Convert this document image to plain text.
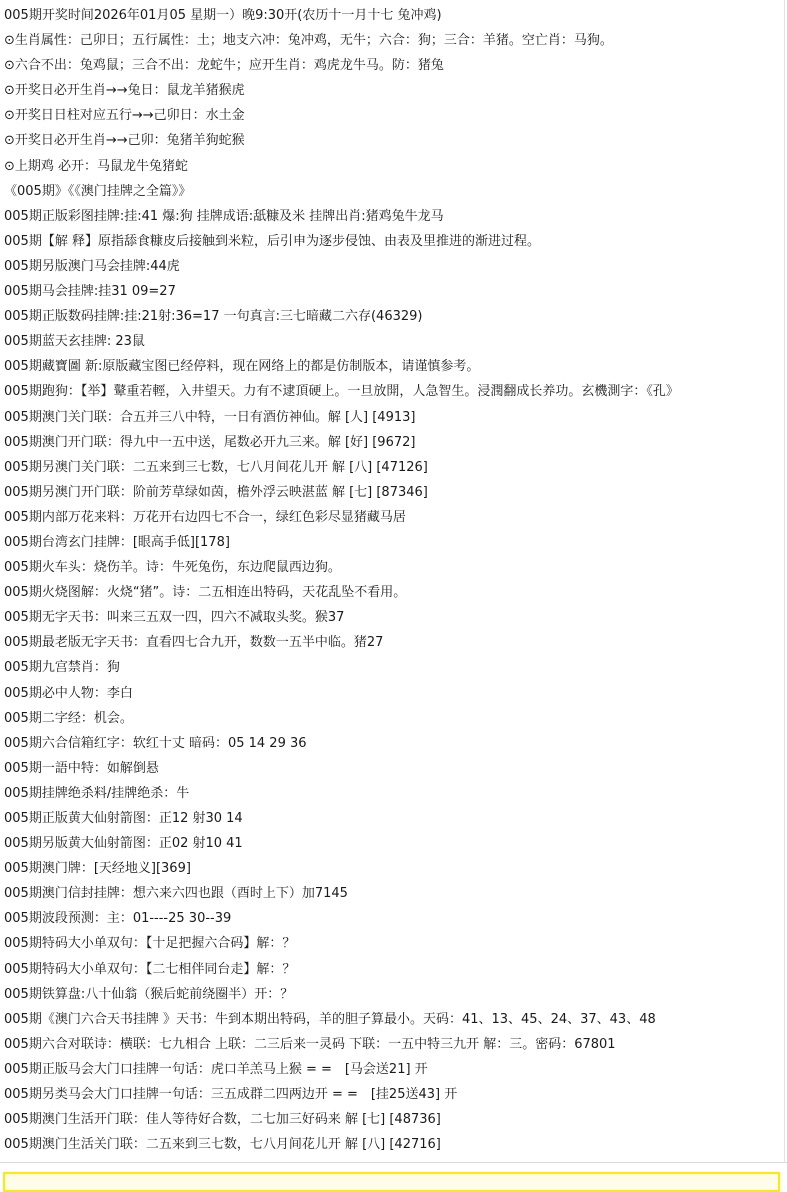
005期开奖时间2026年01月05 星期一）晚9:30开(农历十一月十七 兔冲鸡)
⊙生肖属性：己卯日；五行属性：土；地支六冲：兔冲鸡，无牛；六合：狗；三合：羊猪。空亡肖：马狗。
⊙六合不出：兔鸡鼠；三合不出：龙蛇牛；应开生肖：鸡虎龙牛马。防：猪兔
⊙开奖日必开生肖→→兔日：鼠龙羊猪猴虎
⊙开奖日日柱对应五行→→己卯日：水土金
⊙开奖日必开生肖→→己卯：兔猪羊狗蛇猴
⊙上期鸡 必开：马鼠龙牛兔猪蛇
《005期》《《澳门挂牌之全篇》》
005期正版彩图挂牌:挂:41 爆:狗 挂牌成语:舐糠及米 挂牌出肖:猪鸡兔牛龙马
005期【解 释】原指舔食糠皮后接触到米粒，后引申为逐步侵蚀、由表及里推进的渐进过程。
005期另版澳门马会挂牌:44虎
005期马会挂牌:挂31 09=27
005期正版数码挂牌:挂:21射:36=17 一句真言:三七暗藏二六存(46329)
005期蓝天玄挂牌: 23鼠
005期藏寶圖 新:原版藏宝图已经停料，现在网络上的都是仿制版本，请谨慎参考。
005期跑狗：【举】鼙重若輕，入井望天。力有不逮頂硬上。一旦放開，人急智生。浸潤翻成长养功。玄機測字：《孔》
005期澳门关门联：合五并三八中特，一日有酒仿神仙。解 [人] [4913]
005期澳门开门联：得九中一五中送，尾数必开九三来。解 [好] [9672]
005期另澳门关门联：二五来到三七数，七八月间花儿开 解 [八] [47126]
005期另澳门开门联：阶前芳草绿如茵，檐外浮云映湛蓝 解 [七] [87346]
005期内部万花来料：万花开右边四七不合一，绿红色彩尽显猪藏马居
005期台湾玄门挂牌：[眼高手低][178]
005期火车头：烧伤羊。诗：牛死兔伤，东边爬鼠西边狗。
005期火烧图解：火烧“猪”。诗：二五相连出特码，天花乱坠不看用。
005期无字天书：叫来三五双一四，四六不减取头奖。猴37
005期最老版无字天书：直看四七合九开，数数一五半中临。猪27
005期九宫禁肖：狗
005期必中人物：李白
005期二字经：机会。
005期六合信箱红字：软红十丈 暗码：05 14 29 36
005期一語中特：如解倒悬
005期挂牌绝杀料/挂牌绝杀：牛
005期正版黄大仙射箭图：正12 射30 14
005期另版黄大仙射箭图：正02 射10 41
005期澳门牌：[天经地义][369]
005期澳门信封挂牌：想六来六四也跟（酉时上下）加7145
005期波段预测：主：01----25 30--39
005期特码大小单双句：【十足把握六合码】解：？
005期特码大小单双句：【二七相伴同台走】解：？
005期铁算盘:八十仙翁（猴后蛇前绕圈半）开：？
005期《澳门六合天书挂牌 》天书：牛到本期出特码，羊的胆子算最小。天码：41、13、45、24、37、43、48
005期六合对联诗：横联：七九相合 上联：二三后来一灵码 下联：一五中特三九开 解：三。密码：67801
005期正版马会大门口挂牌一句话：虎口羊羔马上猴 = =　[马会送21] 开
005期另类马会大门口挂牌一句话：三五成群二四两边开 = =　[挂25送43] 开
005期澳门生活开门联：佳人等待好合数，二七加三好码来 解 [七] [48736]
005期澳门生活关门联：二五来到三七数，七八月间花儿开 解 [八] [42716]
